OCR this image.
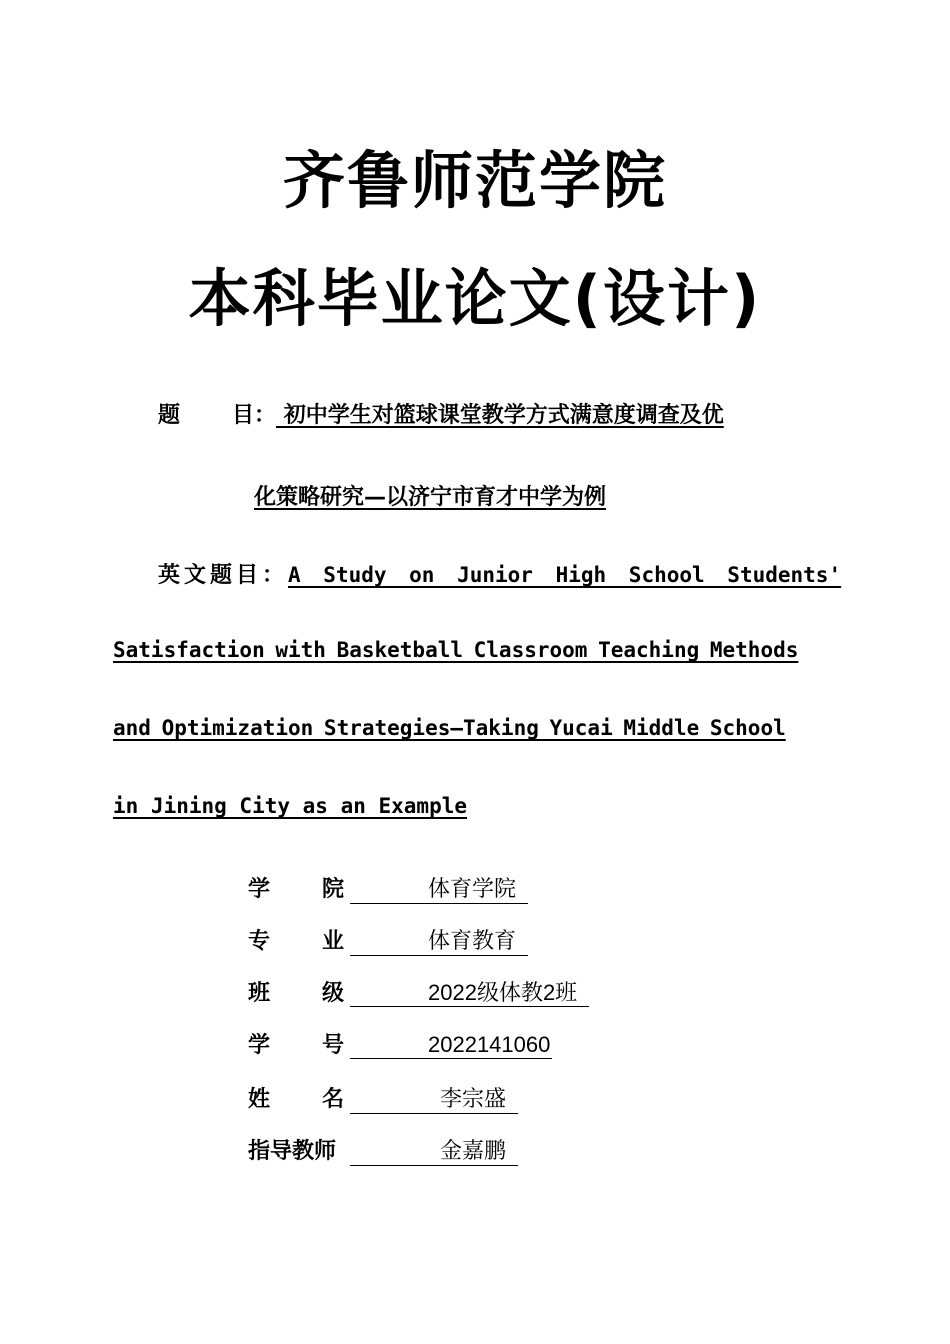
齐鲁师范学院
本科毕业论文(设计)
题 目： 初中学生对篮球课堂教学方式满意度调查及优
化策略研究—以济宁市育才中学为例
英文题目：A Study on Junior High School Students'
Satisfaction with Basketball Classroom Teaching Methods
and Optimization Strategies—Taking Yucai Middle School
in Jining City as an Example
学 院	体育学院
专 业	体育教育
班 级	2022级体教2班
学 号	2022141060
姓 名	李宗盛
指导教师	金嘉鹏
